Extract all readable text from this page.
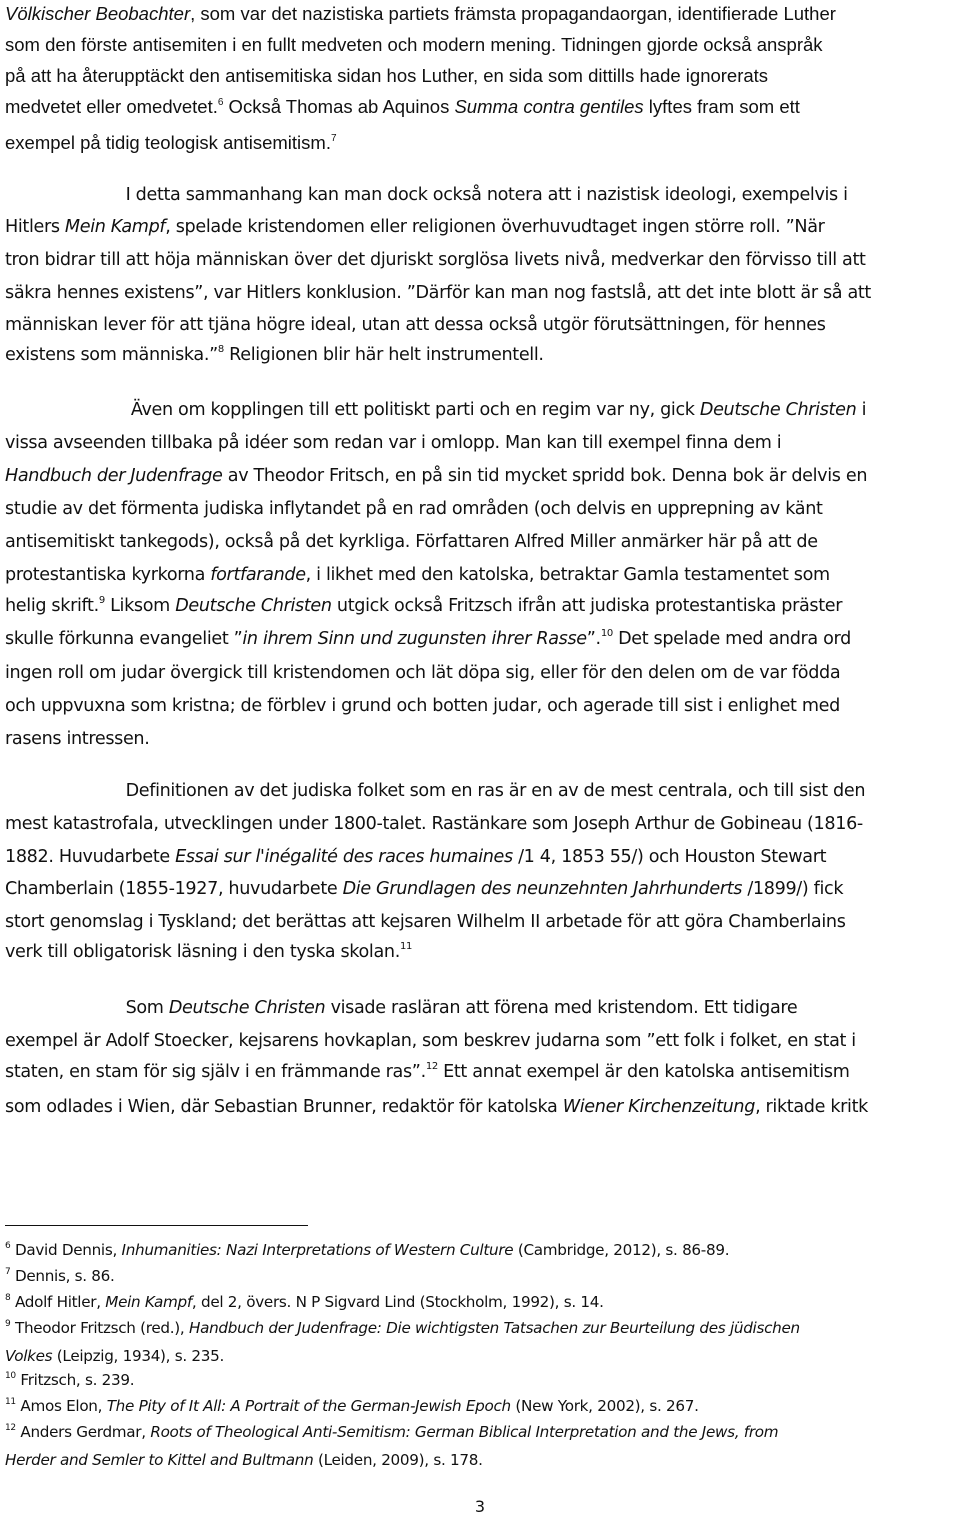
Völkischer Beobachter, som var det nazistiska partiets främsta propagandaorgan, identifierade Luther
som den förste antisemiten i en fullt medveten och modern mening. Tidningen gjorde också anspråk
på att ha återupptäckt den antisemitiska sidan hos Luther, en sida som dittills hade ignorerats
medvetet eller omedvetet.$^6$ Också Thomas ab Aquinos Summa contra gentiles lyftes fram som ett
exempel på tidig teologisk antisemitism.$^7$
I detta sammanhang kan man dock också notera att i nazistisk ideologi, exempelvis i
Hitlers Mein Kampf, spelade kristendomen eller religionen överhuvudtaget ingen större roll. ”När
tron bidrar till att höja människan över det djuriskt sorglösa livets nivå, medverkar den förvisso till att
säkra hennes existens”, var Hitlers konklusion. ”Därför kan man nog fastslå, att det inte blott är så att
människan lever för att tjäna högre ideal, utan att dessa också utgör förutsättningen, för hennes
existens som människa.”$^8$ Religionen blir här helt instrumentell.
Även om kopplingen till ett politiskt parti och en regim var ny, gick Deutsche Christen i
vissa avseenden tillbaka på idéer som redan var i omlopp. Man kan till exempel finna dem i
Handbuch der Judenfrage av Theodor Fritsch, en på sin tid mycket spridd bok. Denna bok är delvis en
studie av det förmenta judiska inflytandet på en rad områden (och delvis en upprepning av känt
antisemitiskt tankegods), också på det kyrkliga. Författaren Alfred Miller anmärker här på att de
protestantiska kyrkorna fortfarande, i likhet med den katolska, betraktar Gamla testamentet som
helig skrift.$^9$ Liksom Deutsche Christen utgick också Fritzsch ifrån att judiska protestantiska präster
skulle förkunna evangeliet ”in ihrem Sinn und zugunsten ihrer Rasse”.$^{10}$ Det spelade med andra ord
ingen roll om judar övergick till kristendomen och lät döpa sig, eller för den delen om de var födda
och uppvuxna som kristna; de förblev i grund och botten judar, och agerade till sist i enlighet med
rasens intressen.
Definitionen av det judiska folket som en ras är en av de mest centrala, och till sist den
mest katastrofala, utvecklingen under 1800-talet. Rastänkare som Joseph Arthur de Gobineau (1816-
1882. Huvudarbete Essai sur l'inégalité des races humaines /1 4, 1853 55/) och Houston Stewart
Chamberlain (1855-1927, huvudarbete Die Grundlagen des neunzehnten Jahrhunderts /1899/) fick
stort genomslag i Tyskland; det berättas att kejsaren Wilhelm II arbetade för att göra Chamberlains
verk till obligatorisk läsning i den tyska skolan.$^{11}$
Som Deutsche Christen visade rasläran att förena med kristendom. Ett tidigare
exempel är Adolf Stoecker, kejsarens hovkaplan, som beskrev judarna som ”ett folk i folket, en stat i
staten, en stam för sig själv i en främmande ras”.$^{12}$ Ett annat exempel är den katolska antisemitism
som odlades i Wien, där Sebastian Brunner, redaktör för katolska Wiener Kirchenzeitung, riktade kritk
$^6$ David Dennis, Inhumanities: Nazi Interpretations of Western Culture (Cambridge, 2012), s. 86-89.
$^7$ Dennis, s. 86.
$^8$ Adolf Hitler, Mein Kampf, del 2, övers. N P Sigvard Lind (Stockholm, 1992), s. 14.
$^9$ Theodor Fritzsch (red.), Handbuch der Judenfrage: Die wichtigsten Tatsachen zur Beurteilung des jüdischen
Volkes (Leipzig, 1934), s. 235.
$^{10}$ Fritzsch, s. 239.
$^{11}$ Amos Elon, The Pity of It All: A Portrait of the German-Jewish Epoch (New York, 2002), s. 267.
$^{12}$ Anders Gerdmar, Roots of Theological Anti-Semitism: German Biblical Interpretation and the Jews, from
Herder and Semler to Kittel and Bultmann (Leiden, 2009), s. 178.
3
